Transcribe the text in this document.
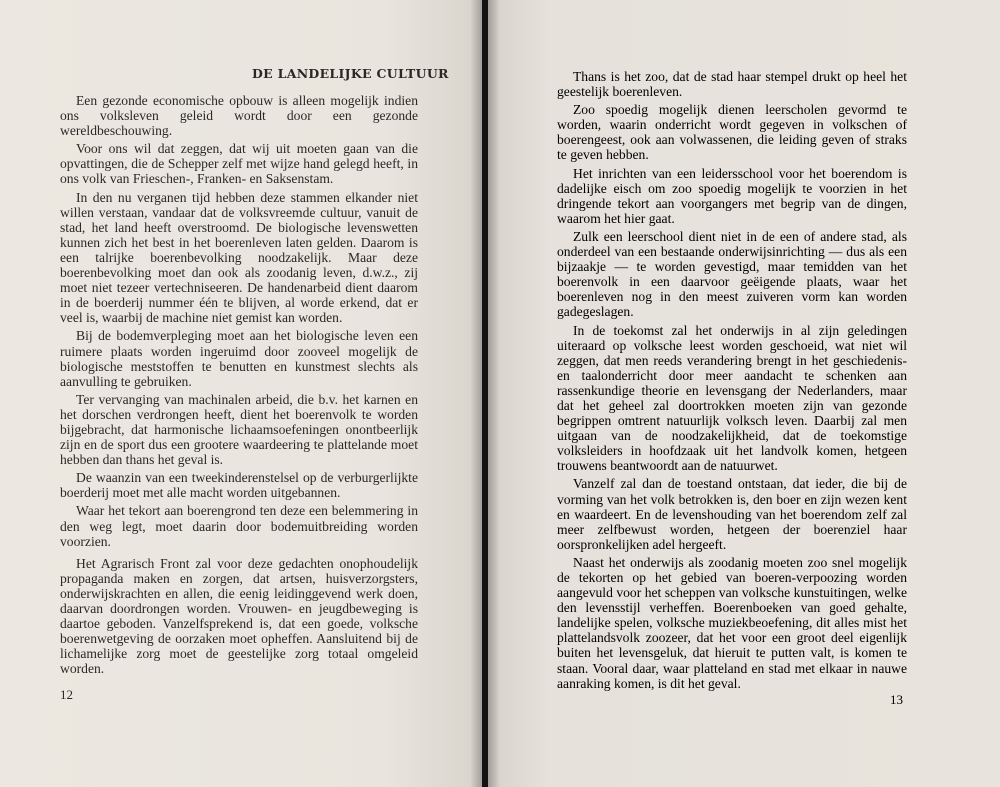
DE LANDELIJKE CULTUUR

Een gezonde economische opbouw is alleen mogelijk indien ons volksleven geleid wordt door een gezonde wereldbeschouwing.

Voor ons wil dat zeggen, dat wij uit moeten gaan van die opvattingen, die de Schepper zelf met wijze hand gelegd heeft, in ons volk van Frieschen-, Franken- en Saksenstam.

In den nu verganen tijd hebben deze stammen elkander niet willen verstaan, vandaar dat de volksvreemde cultuur, vanuit de stad, het land heeft overstroomd. De biologische levenswetten kunnen zich het best in het boerenleven laten gelden. Daarom is een talrijke boerenbevolking noodzakelijk. Maar deze boerenbevolking moet dan ook als zoodanig leven, d.w.z., zij moet niet tezeer vertechniseeren. De handenarbeid dient daarom in de boerderij nummer één te blijven, al worde erkend, dat er veel is, waarbij de machine niet gemist kan worden.

Bij de bodemverpleging moet aan het biologische leven een ruimere plaats worden ingeruimd door zooveel mogelijk de biologische meststoffen te benutten en kunstmest slechts als aanvulling te gebruiken.

Ter vervanging van machinalen arbeid, die b.v. het karnen en het dorschen verdrongen heeft, dient het boerenvolk te worden bijgebracht, dat harmonische lichaamsoefeningen onontbeerlijk zijn en de sport dus een grootere waardeering te plattelande moet hebben dan thans het geval is.

De waanzin van een tweekinderenstelsel op de verburgerlijkte boerderij moet met alle macht worden uitgebannen.

Waar het tekort aan boerengrond ten deze een belemmering in den weg legt, moet daarin door bodemuitbreiding worden voorzien.

Het Agrarisch Front zal voor deze gedachten onophoudelijk propaganda maken en zorgen, dat artsen, huisverzorgsters, onderwijskrachten en allen, die eenig leidinggevend werk doen, daarvan doordrongen worden. Vrouwen- en jeugdbeweging is daartoe geboden. Vanzelfsprekend is, dat een goede, volksche boerenwetgeving de oorzaken moet opheffen. Aansluitend bij de lichamelijke zorg moet de geestelijke zorg totaal omgeleid worden.

12

Thans is het zoo, dat de stad haar stempel drukt op heel het geestelijk boerenleven.

Zoo spoedig mogelijk dienen leerscholen gevormd te worden, waarin onderricht wordt gegeven in volkschen of boerengeest, ook aan volwassenen, die leiding geven of straks te geven hebben.

Het inrichten van een leidersschool voor het boerendom is dadelijke eisch om zoo spoedig mogelijk te voorzien in het dringende tekort aan voorgangers met begrip van de dingen, waarom het hier gaat.

Zulk een leerschool dient niet in de een of andere stad, als onderdeel van een bestaande onderwijsinrichting — dus als een bijzaakje — te worden gevestigd, maar temidden van het boerenvolk in een daarvoor geëigende plaats, waar het boerenleven nog in den meest zuiveren vorm kan worden gadegeslagen.

In de toekomst zal het onderwijs in al zijn geledingen uiteraard op volksche leest worden geschoeid, wat niet wil zeggen, dat men reeds verandering brengt in het geschiedenis- en taalonderricht door meer aandacht te schenken aan rassenkundige theorie en levensgang der Nederlanders, maar dat het geheel zal doortrokken moeten zijn van gezonde begrippen omtrent natuurlijk volksch leven. Daarbij zal men uitgaan van de noodzakelijkheid, dat de toekomstige volksleiders in hoofdzaak uit het landvolk komen, hetgeen trouwens beantwoordt aan de natuurwet.

Vanzelf zal dan de toestand ontstaan, dat ieder, die bij de vorming van het volk betrokken is, den boer en zijn wezen kent en waardeert. En de levenshouding van het boerendom zelf zal meer zelfbewust worden, hetgeen der boerenziel haar oorspronkelijken adel hergeeft.

Naast het onderwijs als zoodanig moeten zoo snel mogelijk de tekorten op het gebied van boeren-verpoozing worden aangevuld voor het scheppen van volksche kunstuitingen, welke den levensstijl verheffen. Boerenboeken van goed gehalte, landelijke spelen, volksche muziekbeoefening, dit alles mist het plattelandsvolk zoozeer, dat het voor een groot deel eigenlijk buiten het levensgeluk, dat hieruit te putten valt, is komen te staan. Vooral daar, waar platteland en stad met elkaar in nauwe aanraking komen, is dit het geval.

13
